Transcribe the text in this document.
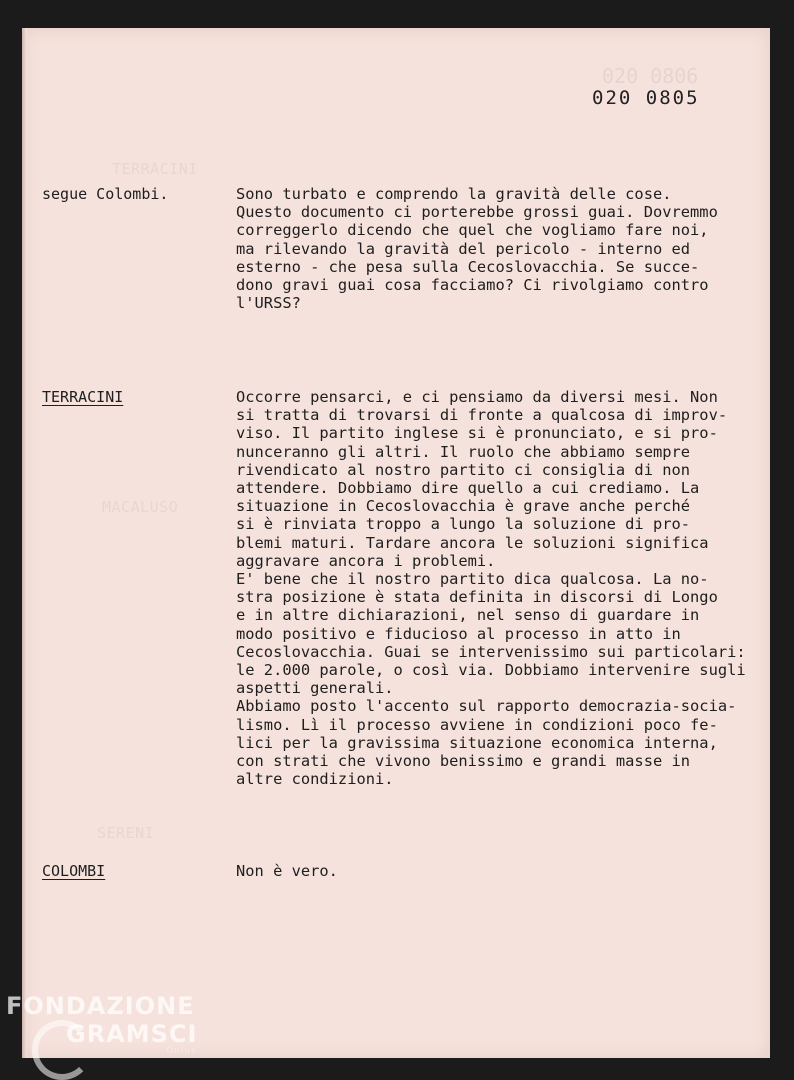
020 0806
TERRACINI
MACALUSO
SERENI
020 0805
segue Colombi.	Sono turbato e comprendo la gravità delle cose.

Questo documento ci porterebbe grossi guai. Dovremmo

correggerlo dicendo che quel che vogliamo fare noi,

ma rilevando la gravità del pericolo - interno ed

esterno - che pesa sulla Cecoslovacchia. Se succe-

dono gravi guai cosa facciamo? Ci rivolgiamo contro

l'URSS?

TERRACINI	Occorre pensarci, e ci pensiamo da diversi mesi. Non

si tratta di trovarsi di fronte a qualcosa di improv-

viso. Il partito inglese si è pronunciato, e si pro-

nunceranno gli altri. Il ruolo che abbiamo sempre

rivendicato al nostro partito ci consiglia di non

attendere. Dobbiamo dire quello a cui crediamo. La

situazione in Cecoslovacchia è grave anche perché

si è rinviata troppo a lungo la soluzione di pro-

blemi maturi. Tardare ancora le soluzioni significa

aggravare ancora i problemi.

E' bene che il nostro partito dica qualcosa. La no-

stra posizione è stata definita in discorsi di Longo

e in altre dichiarazioni, nel senso di guardare in

modo positivo e fiducioso al processo in atto in

Cecoslovacchia. Guai se intervenissimo sui particolari:

le 2.000 parole, o così via. Dobbiamo intervenire sugli

aspetti generali.

Abbiamo posto l'accento sul rapporto democrazia-socia-

lismo. Lì il processo avviene in condizioni poco fe-

lici per la gravissima situazione economica interna,

con strati che vivono benissimo e grandi masse in

altre condizioni.

COLOMBI	Non è vero.

FONDAZIONE
GRAMSCI
Onlus
